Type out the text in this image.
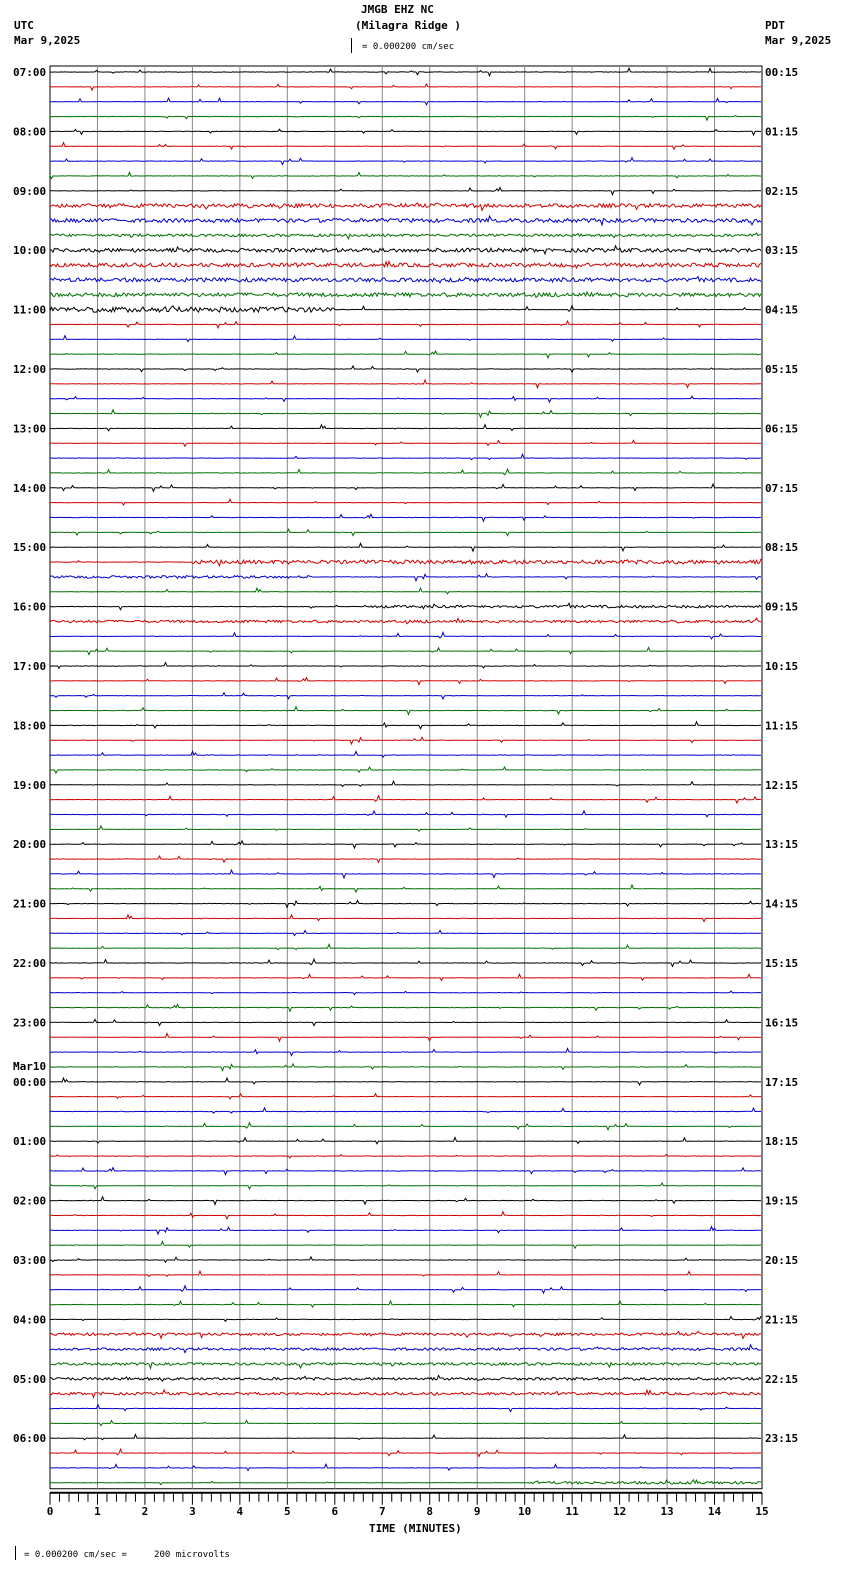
JMGB EHZ NC
(Milagra Ridge )
UTC
Mar 9,2025
PDT
Mar 9,2025
= 0.000200 cm/sec
07:00	00:15
08:00	01:15
09:00	02:15
10:00	03:15
11:00	04:15
12:00	05:15
13:00	06:15
14:00	07:15
15:00	08:15
16:00	09:15
17:00	10:15
18:00	11:15
19:00	12:15
20:00	13:15
21:00	14:15
22:00	15:15
23:00	16:15
00:00	17:15
Mar10
01:00	18:15
02:00	19:15
03:00	20:15
04:00	21:15
05:00	22:15
06:00	23:15
0	1	2	3	4	5	6	7	8	9	10	11	12	13	14	15
TIME (MINUTES)
= 0.000200 cm/sec =     200 microvolts
